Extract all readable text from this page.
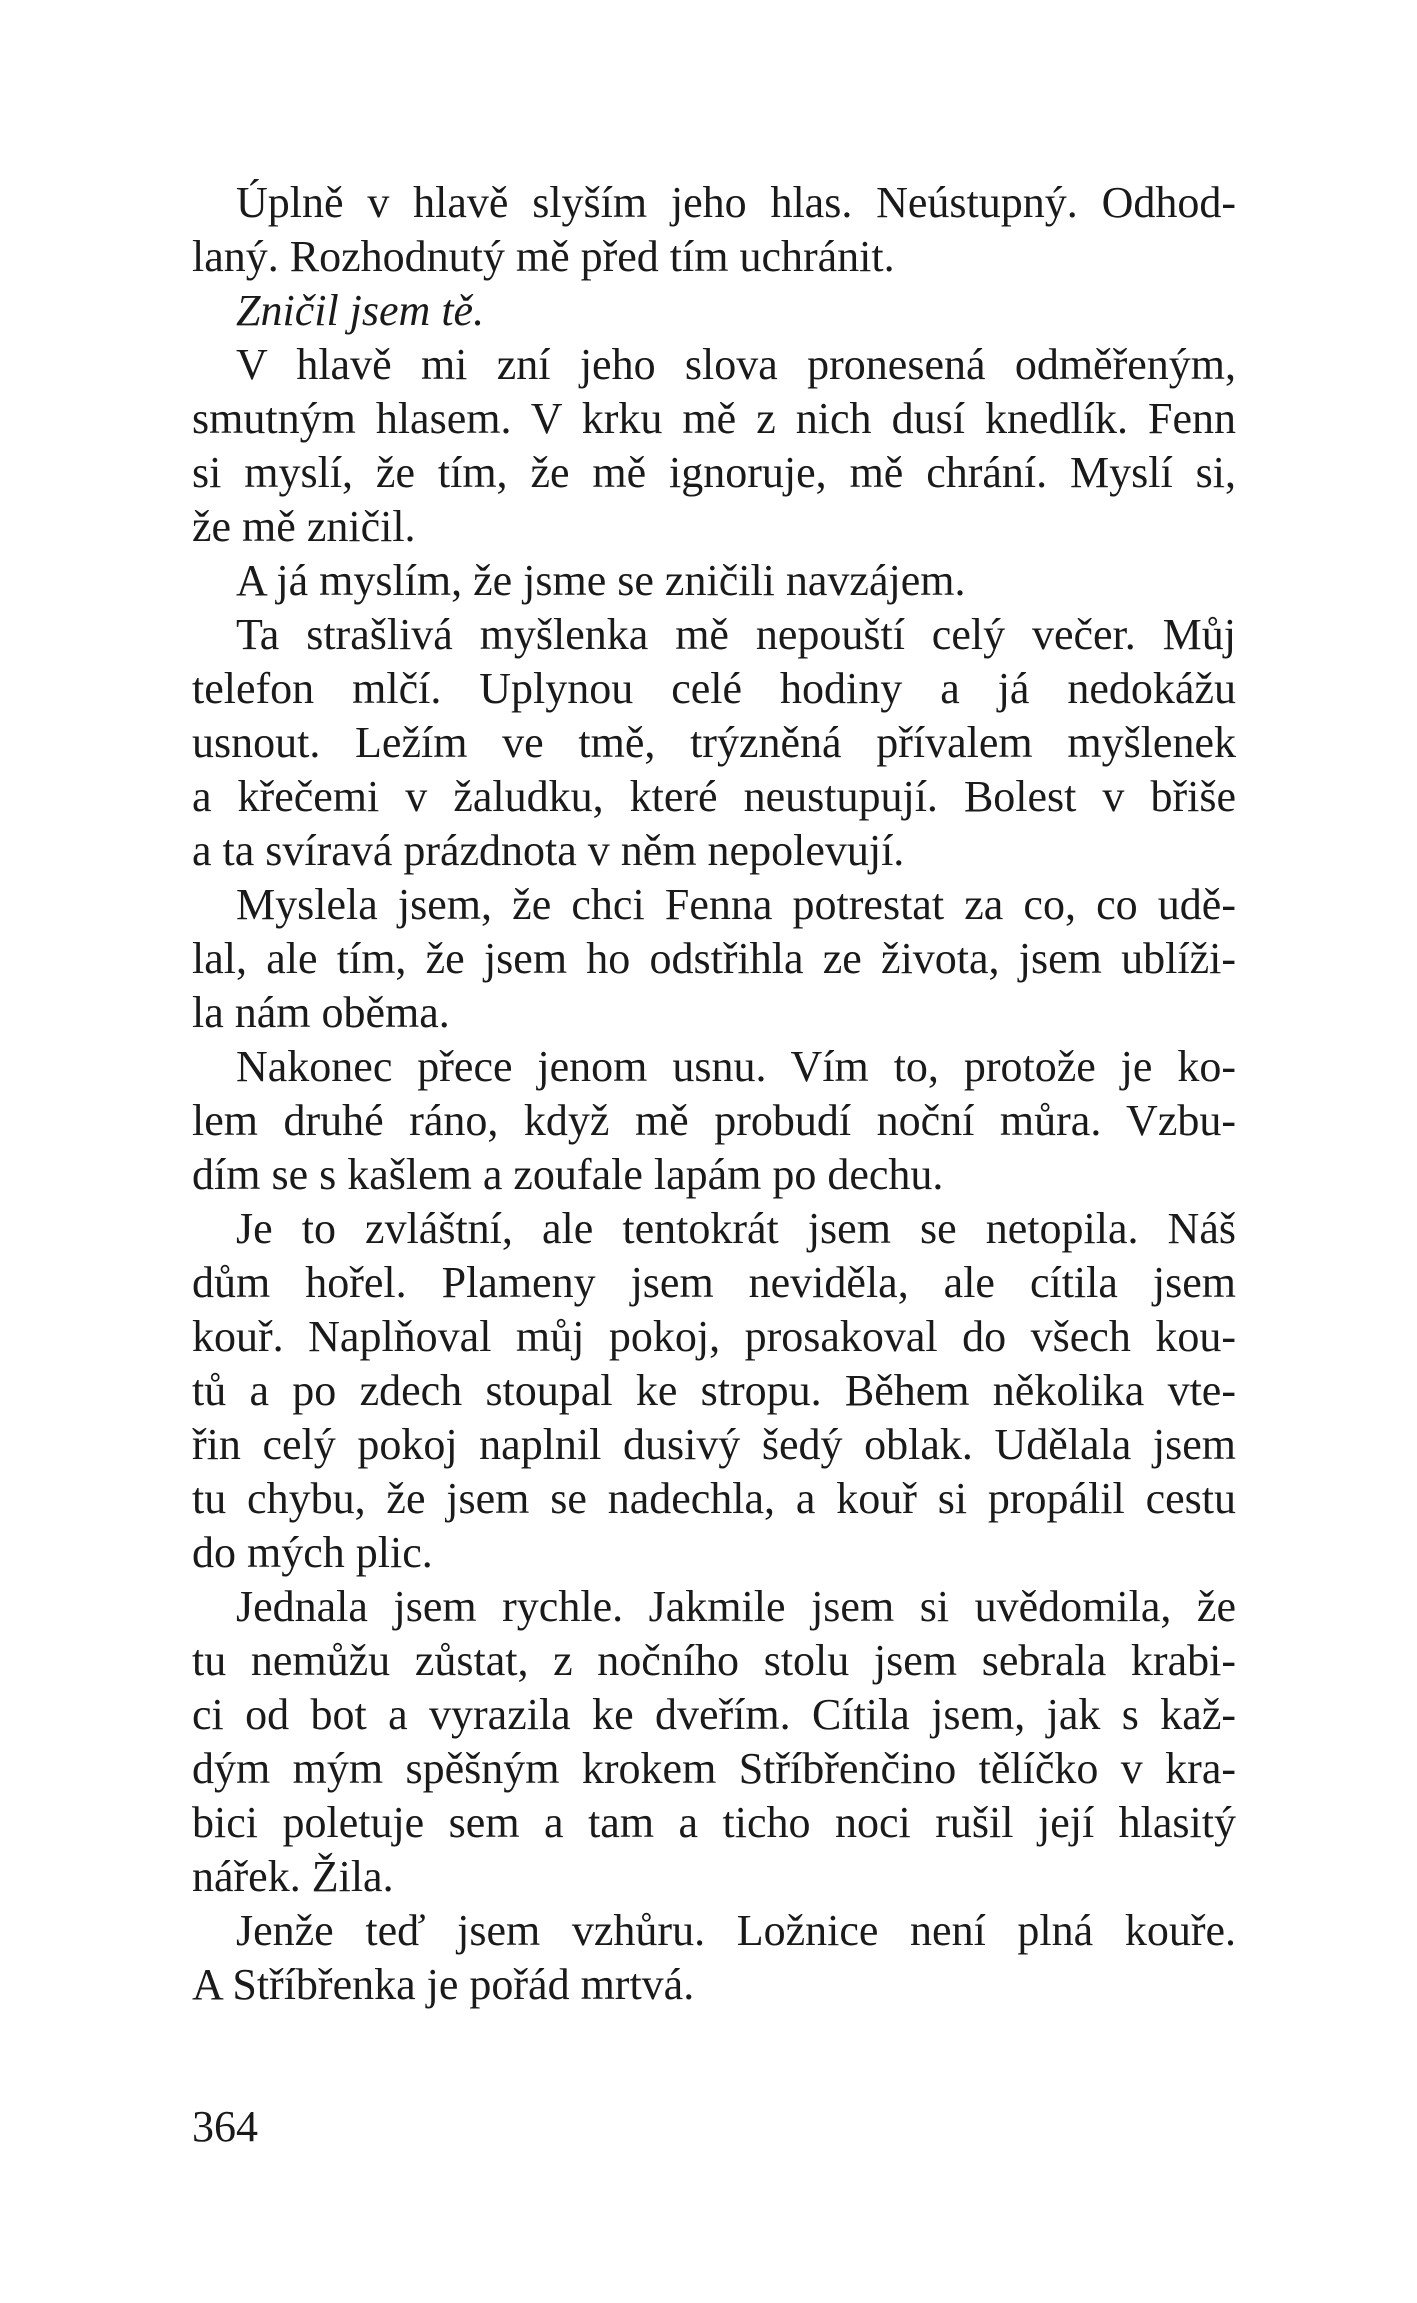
Úplně v hlavě slyším jeho hlas. Neústupný. Odhod-
laný. Rozhodnutý mě před tím uchránit.
Zničil jsem tě.
V hlavě mi zní jeho slova pronesená odměřeným,
smutným hlasem. V krku mě z nich dusí knedlík. Fenn
si myslí, že tím, že mě ignoruje, mě chrání. Myslí si,
že mě zničil.
A já myslím, že jsme se zničili navzájem.
Ta strašlivá myšlenka mě nepouští celý večer. Můj
telefon mlčí. Uplynou celé hodiny a já nedokážu
usnout. Ležím ve tmě, trýzněná přívalem myšlenek
a křečemi v žaludku, které neustupují. Bolest v břiše
a ta svíravá prázdnota v něm nepolevují.
Myslela jsem, že chci Fenna potrestat za co, co udě-
lal, ale tím, že jsem ho odstřihla ze života, jsem ublíži-
la nám oběma.
Nakonec přece jenom usnu. Vím to, protože je ko-
lem druhé ráno, když mě probudí noční můra. Vzbu-
dím se s kašlem a zoufale lapám po dechu.
Je to zvláštní, ale tentokrát jsem se netopila. Náš
dům hořel. Plameny jsem neviděla, ale cítila jsem
kouř. Naplňoval můj pokoj, prosakoval do všech kou-
tů a po zdech stoupal ke stropu. Během několika vte-
řin celý pokoj naplnil dusivý šedý oblak. Udělala jsem
tu chybu, že jsem se nadechla, a kouř si propálil cestu
do mých plic.
Jednala jsem rychle. Jakmile jsem si uvědomila, že
tu nemůžu zůstat, z nočního stolu jsem sebrala krabi-
ci od bot a vyrazila ke dveřím. Cítila jsem, jak s kaž-
dým mým spěšným krokem Stříbřenčino tělíčko v kra-
bici poletuje sem a tam a ticho noci rušil její hlasitý
nářek. Žila.
Jenže teď jsem vzhůru. Ložnice není plná kouře.
A Stříbřenka je pořád mrtvá.
364
